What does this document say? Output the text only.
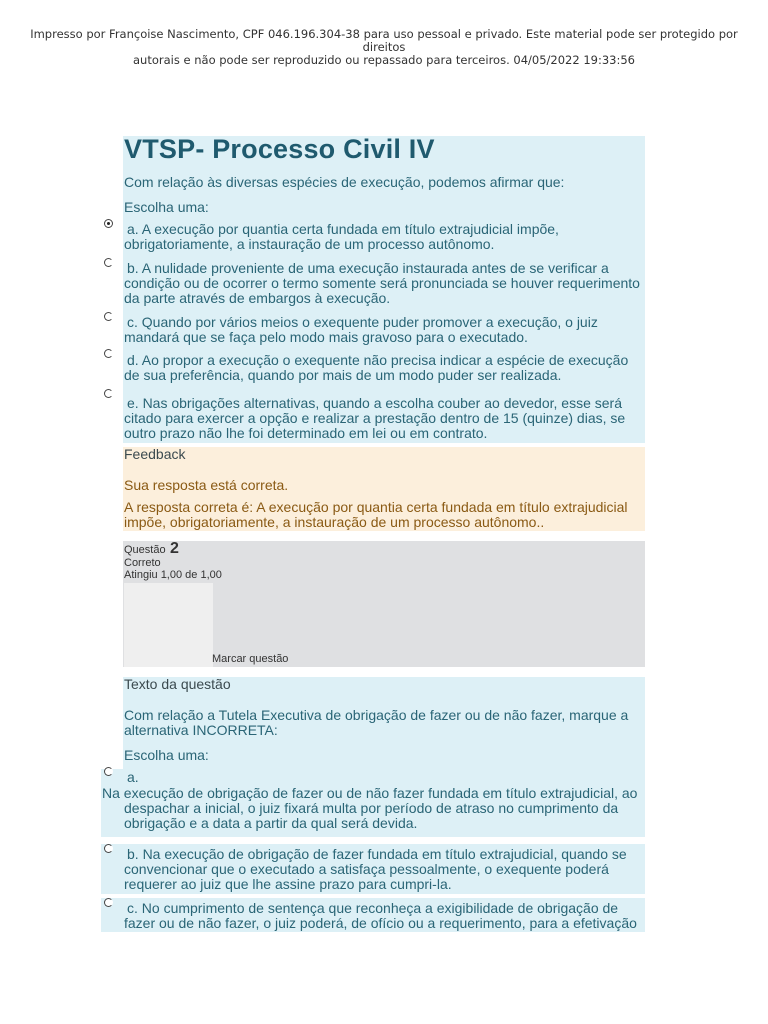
Impresso por Françoise Nascimento, CPF 046.196.304-38 para uso pessoal e privado. Este material pode ser protegido por direitos
autorais e não pode ser reproduzido ou repassado para terceiros. 04/05/2022 19:33:56
VTSP- Processo Civil IV
Com relação às diversas espécies de execução, podemos afirmar que:
Escolha uma:
a. A execução por quantia certa fundada em título extrajudicial impõe,
obrigatoriamente, a instauração de um processo autônomo.
b. A nulidade proveniente de uma execução instaurada antes de se verificar a
condição ou de ocorrer o termo somente será pronunciada se houver requerimento
da parte através de embargos à execução.
c. Quando por vários meios o exequente puder promover a execução, o juiz
mandará que se faça pelo modo mais gravoso para o executado.
d. Ao propor a execução o exequente não precisa indicar a espécie de execução
de sua preferência, quando por mais de um modo puder ser realizada.
e. Nas obrigações alternativas, quando a escolha couber ao devedor, esse será
citado para exercer a opção e realizar a prestação dentro de 15 (quinze) dias, se
outro prazo não lhe foi determinado em lei ou em contrato.
Feedback
Sua resposta está correta.
A resposta correta é: A execução por quantia certa fundada em título extrajudicial
impõe, obrigatoriamente, a instauração de um processo autônomo..
Questão 2
Correto
Atingiu 1,00 de 1,00
Marcar questão
Texto da questão
Com relação a Tutela Executiva de obrigação de fazer ou de não fazer, marque a
alternativa INCORRETA:
Escolha uma:
a.
Na execução de obrigação de fazer ou de não fazer fundada em título extrajudicial, ao
despachar a inicial, o juiz fixará multa por período de atraso no cumprimento da
obrigação e a data a partir da qual será devida.
b. Na execução de obrigação de fazer fundada em título extrajudicial, quando se
convencionar que o executado a satisfaça pessoalmente, o exequente poderá
requerer ao juiz que lhe assine prazo para cumpri-la.
c. No cumprimento de sentença que reconheça a exigibilidade de obrigação de
fazer ou de não fazer, o juiz poderá, de ofício ou a requerimento, para a efetivação
